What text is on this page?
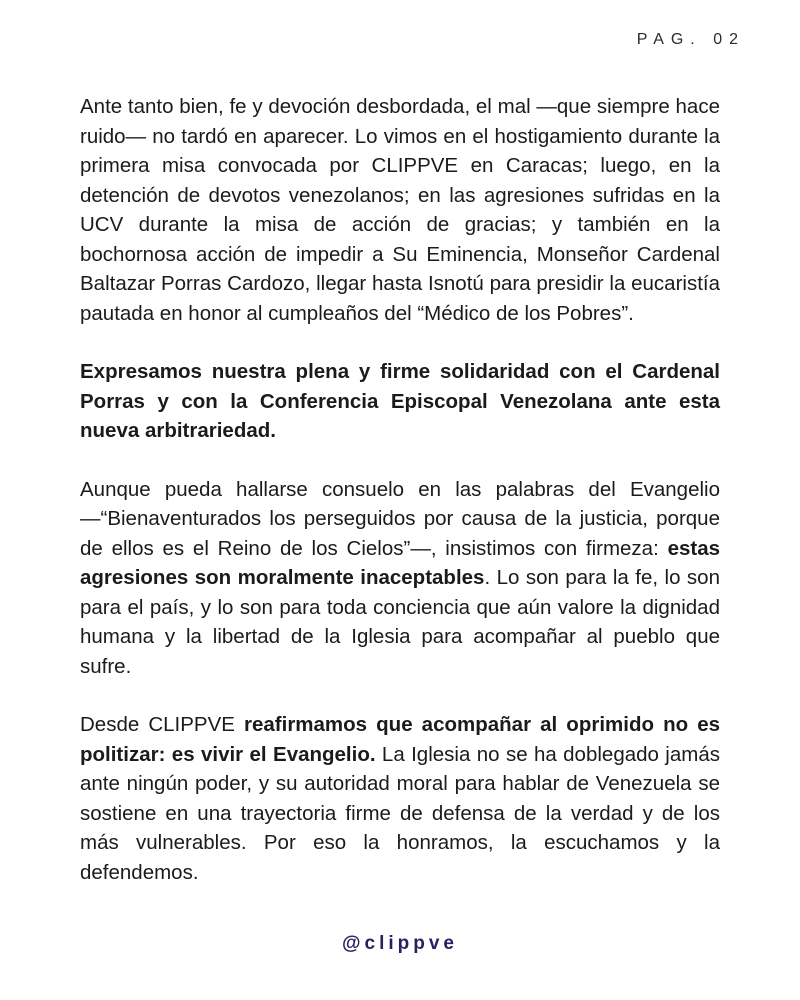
PAG. 02

Ante tanto bien, fe y devoción desbordada, el mal —que siempre hace ruido— no tardó en aparecer. Lo vimos en el hostigamiento durante la primera misa convocada por CLIPPVE en Caracas; luego, en la detención de devotos venezolanos; en las agresiones sufridas en la UCV durante la misa de acción de gracias; y también en la bochornosa acción de impedir a Su Eminencia, Monseñor Cardenal Baltazar Porras Cardozo, llegar hasta Isnotú para presidir la eucaristía pautada en honor al cumpleaños del “Médico de los Pobres”.

Expresamos nuestra plena y firme solidaridad con el Cardenal Porras y con la Conferencia Episcopal Venezolana ante esta nueva arbitrariedad.

Aunque pueda hallarse consuelo en las palabras del Evangelio —“Bienaventurados los perseguidos por causa de la justicia, porque de ellos es el Reino de los Cielos”—, insistimos con firmeza: estas agresiones son moralmente inaceptables. Lo son para la fe, lo son para el país, y lo son para toda conciencia que aún valore la dignidad humana y la libertad de la Iglesia para acompañar al pueblo que sufre.

Desde CLIPPVE reafirmamos que acompañar al oprimido no es politizar: es vivir el Evangelio. La Iglesia no se ha doblegado jamás ante ningún poder, y su autoridad moral para hablar de Venezuela se sostiene en una trayectoria firme de defensa de la verdad y de los más vulnerables. Por eso la honramos, la escuchamos y la defendemos.

@clippve
